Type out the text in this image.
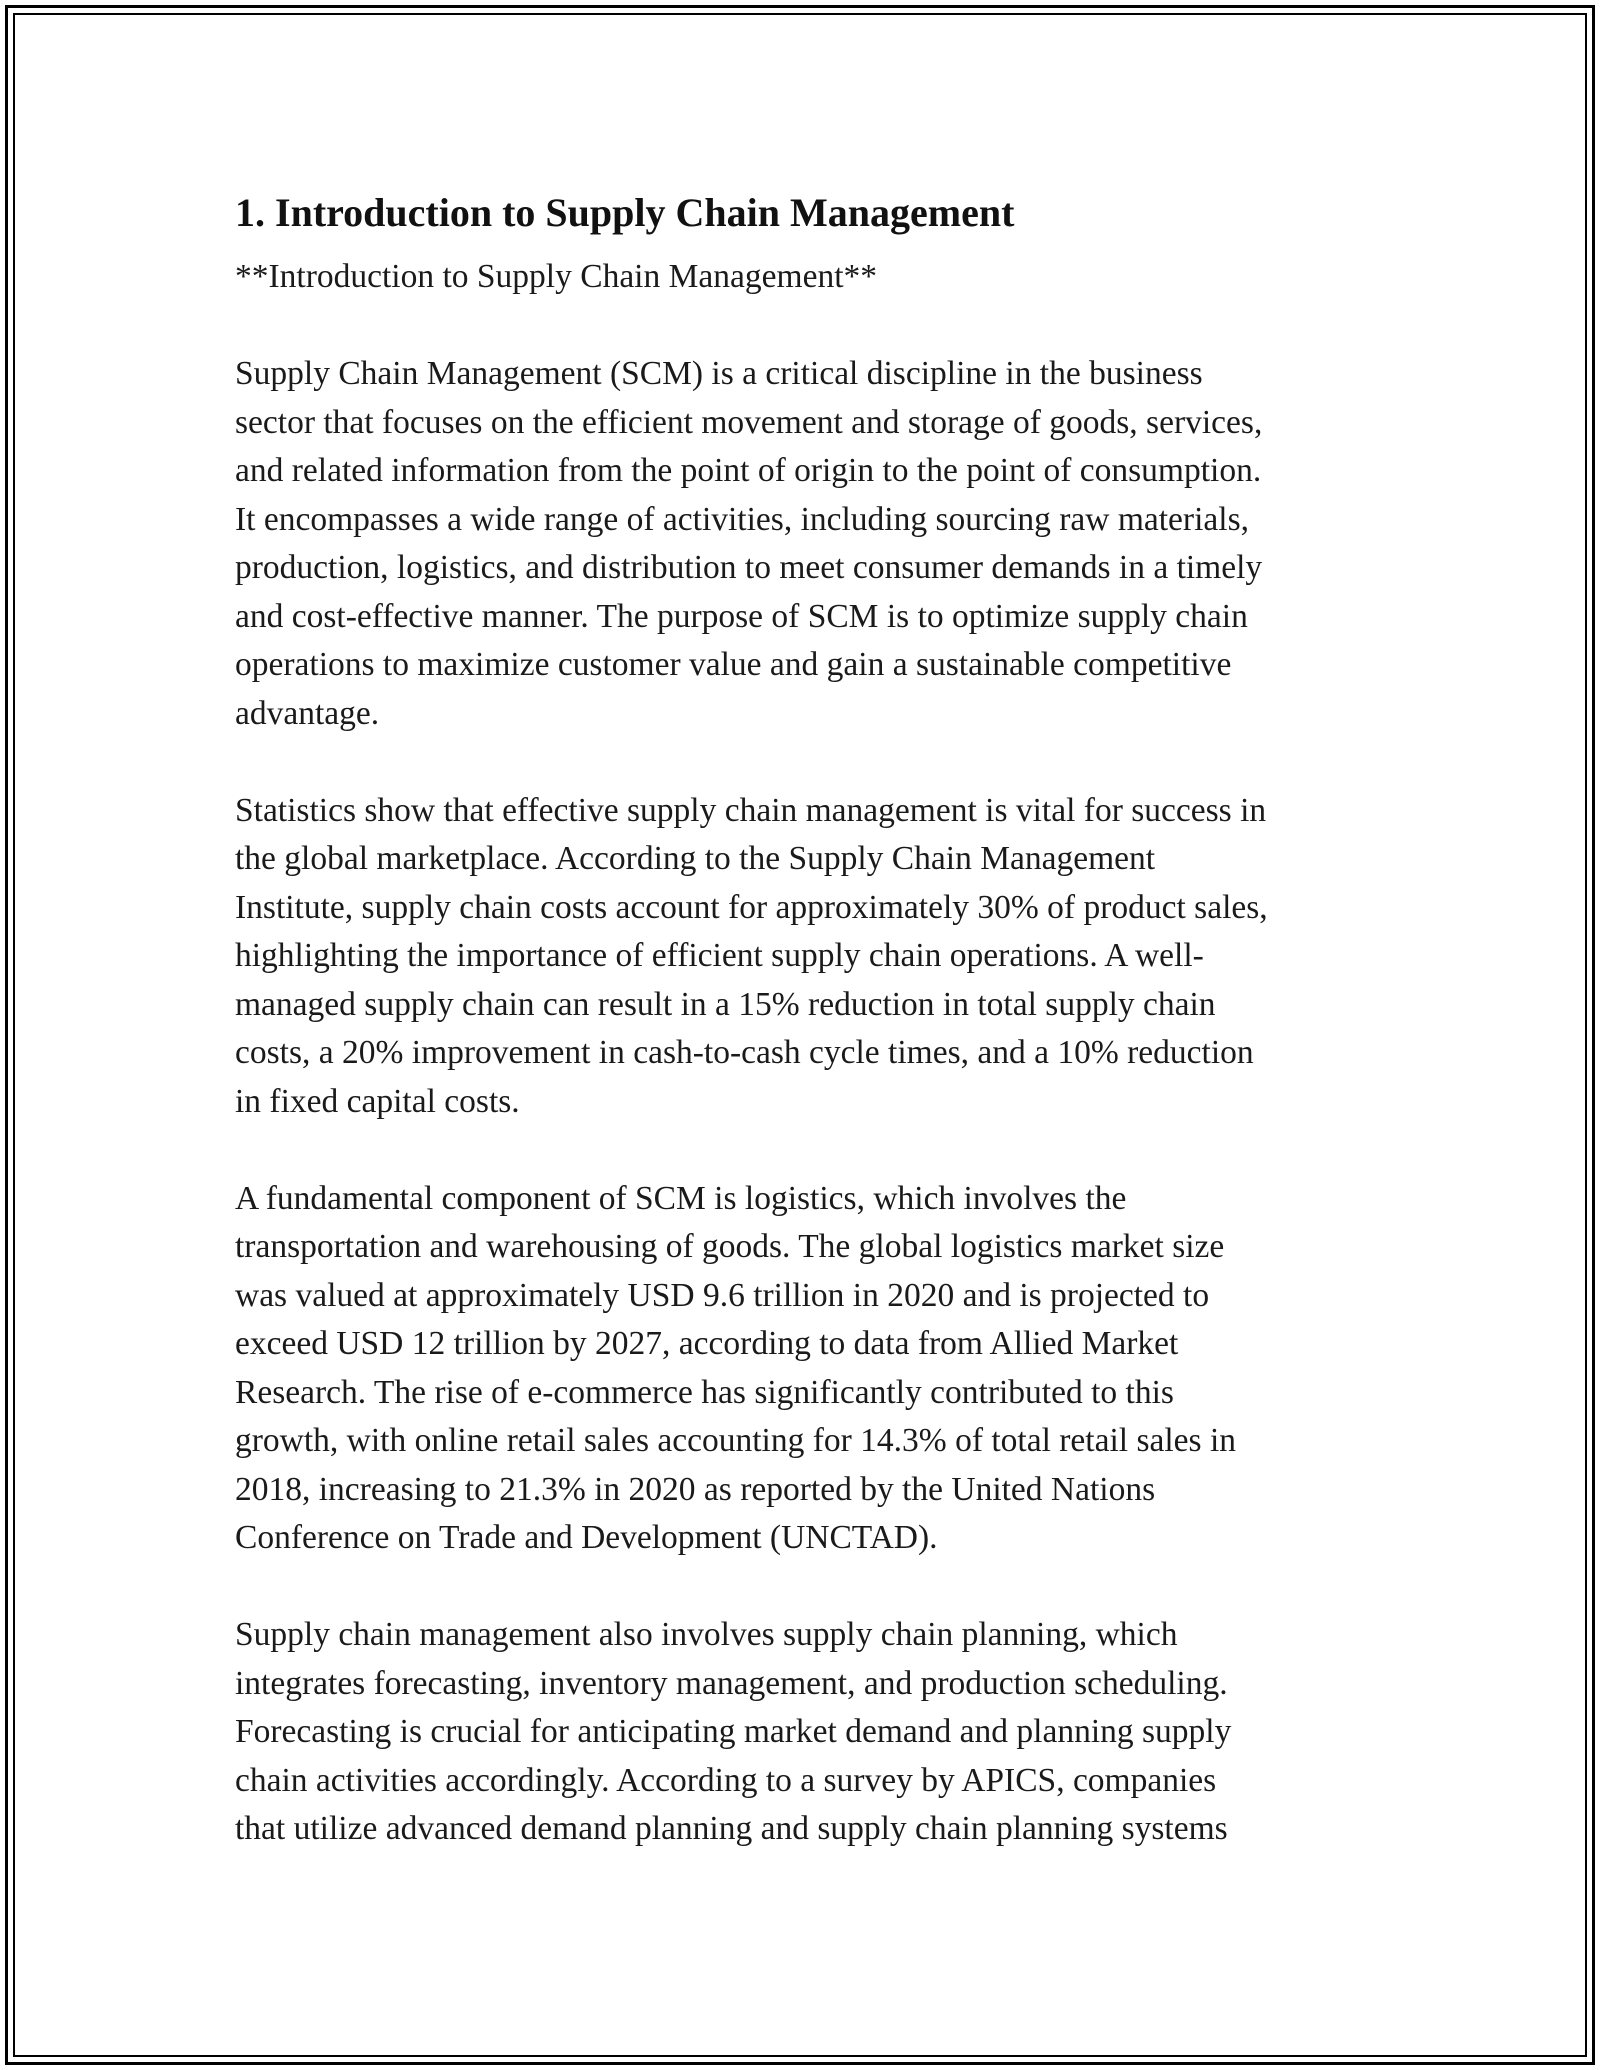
1. Introduction to Supply Chain Management

**Introduction to Supply Chain Management**

Supply Chain Management (SCM) is a critical discipline in the business
sector that focuses on the efficient movement and storage of goods, services,
and related information from the point of origin to the point of consumption.
It encompasses a wide range of activities, including sourcing raw materials,
production, logistics, and distribution to meet consumer demands in a timely
and cost-effective manner. The purpose of SCM is to optimize supply chain
operations to maximize customer value and gain a sustainable competitive
advantage.

Statistics show that effective supply chain management is vital for success in
the global marketplace. According to the Supply Chain Management
Institute, supply chain costs account for approximately 30% of product sales,
highlighting the importance of efficient supply chain operations. A well-
managed supply chain can result in a 15% reduction in total supply chain
costs, a 20% improvement in cash-to-cash cycle times, and a 10% reduction
in fixed capital costs.

A fundamental component of SCM is logistics, which involves the
transportation and warehousing of goods. The global logistics market size
was valued at approximately USD 9.6 trillion in 2020 and is projected to
exceed USD 12 trillion by 2027, according to data from Allied Market
Research. The rise of e-commerce has significantly contributed to this
growth, with online retail sales accounting for 14.3% of total retail sales in
2018, increasing to 21.3% in 2020 as reported by the United Nations
Conference on Trade and Development (UNCTAD).

Supply chain management also involves supply chain planning, which
integrates forecasting, inventory management, and production scheduling.
Forecasting is crucial for anticipating market demand and planning supply
chain activities accordingly. According to a survey by APICS, companies
that utilize advanced demand planning and supply chain planning systems
